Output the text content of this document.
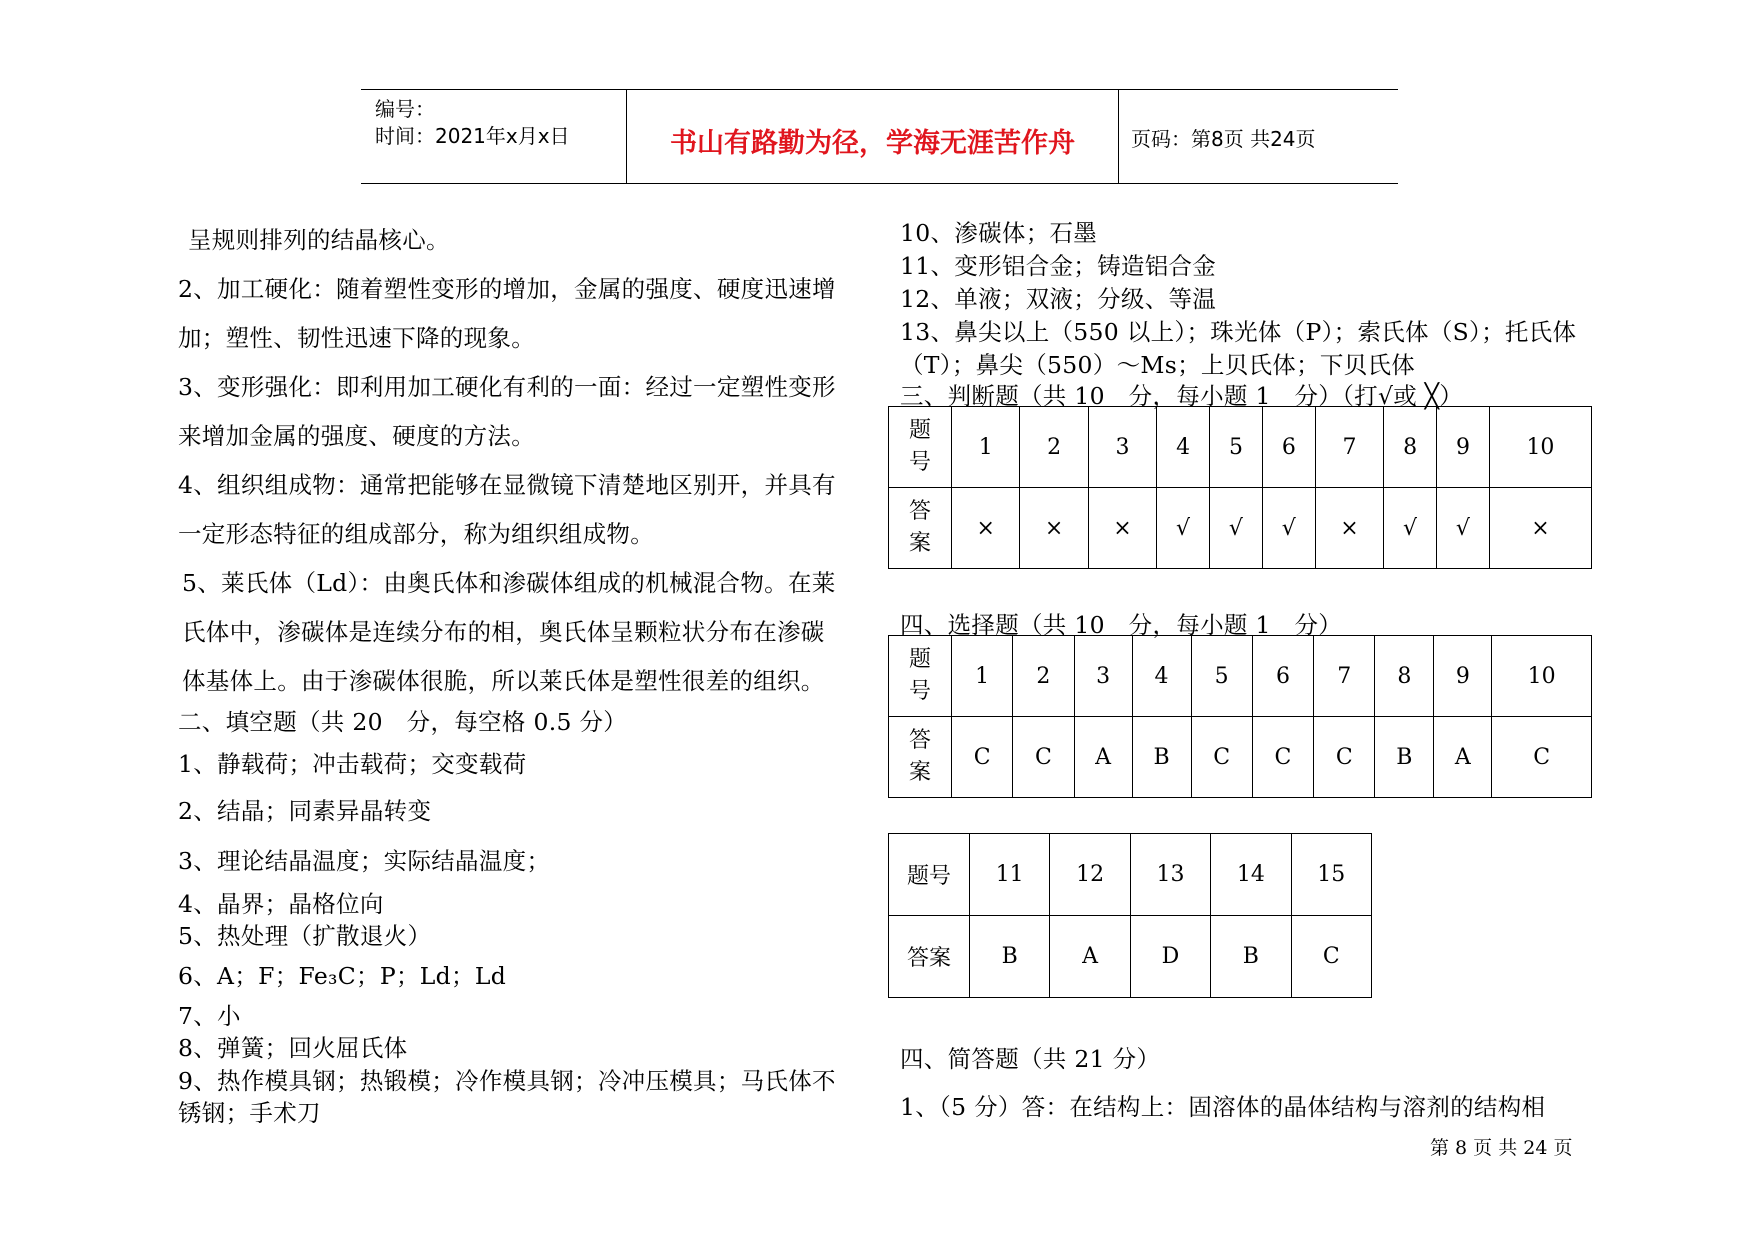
编号：
时间：2021年x月x日	书山有路勤为径，学海无涯苦作舟	页码：第8页 共24页
呈规则排列的结晶核心。
2、加工硬化：随着塑性变形的增加，金属的强度、硬度迅速增
加；塑性、韧性迅速下降的现象。
3、变形强化：即利用加工硬化有利的一面：经过一定塑性变形
来增加金属的强度、硬度的方法。
4、组织组成物：通常把能够在显微镜下清楚地区别开，并具有
一定形态特征的组成部分，称为组织组成物。
5、莱氏体（Ld）：由奥氏体和渗碳体组成的机械混合物。在莱
氏体中，渗碳体是连续分布的相，奥氏体呈颗粒状分布在渗碳
体基体上。由于渗碳体很脆，所以莱氏体是塑性很差的组织。
二、填空题（共 20　分，每空格 0.5 分）
1、静载荷；冲击载荷；交变载荷
2、结晶；同素异晶转变
3、理论结晶温度；实际结晶温度；
4、晶界；晶格位向
5、热处理（扩散退火）
6、A；F；Fe₃C；P；Ld；Ld
7、小
8、弹簧；回火屈氏体
9、热作模具钢；热锻模；冷作模具钢；冷冲压模具；马氏体不
锈钢；手术刀
10、渗碳体；石墨
11、变形铝合金；铸造铝合金
12、单液；双液；分级、等温
13、鼻尖以上（550 以上）；珠光体（P）；索氏体（S）；托氏体
（T）；鼻尖（550）～Ms；上贝氏体；下贝氏体
三、判断题（共 10　分，每小题 1　分）（打√或 ╳）
题号	1	2	3	4	5	6	7	8	9	10
答案	×	×	×	√	√	√	×	√	√	×
四、选择题（共 10　分，每小题 1　分）
题号	1	2	3	4	5	6	7	8	9	10
答案	C	C	A	B	C	C	C	B	A	C
题号	11	12	13	14	15
答案	B	A	D	B	C
四、简答题（共 21 分）
1、（5 分）答：在结构上：固溶体的晶体结构与溶剂的结构相
第 8 页 共 24 页
